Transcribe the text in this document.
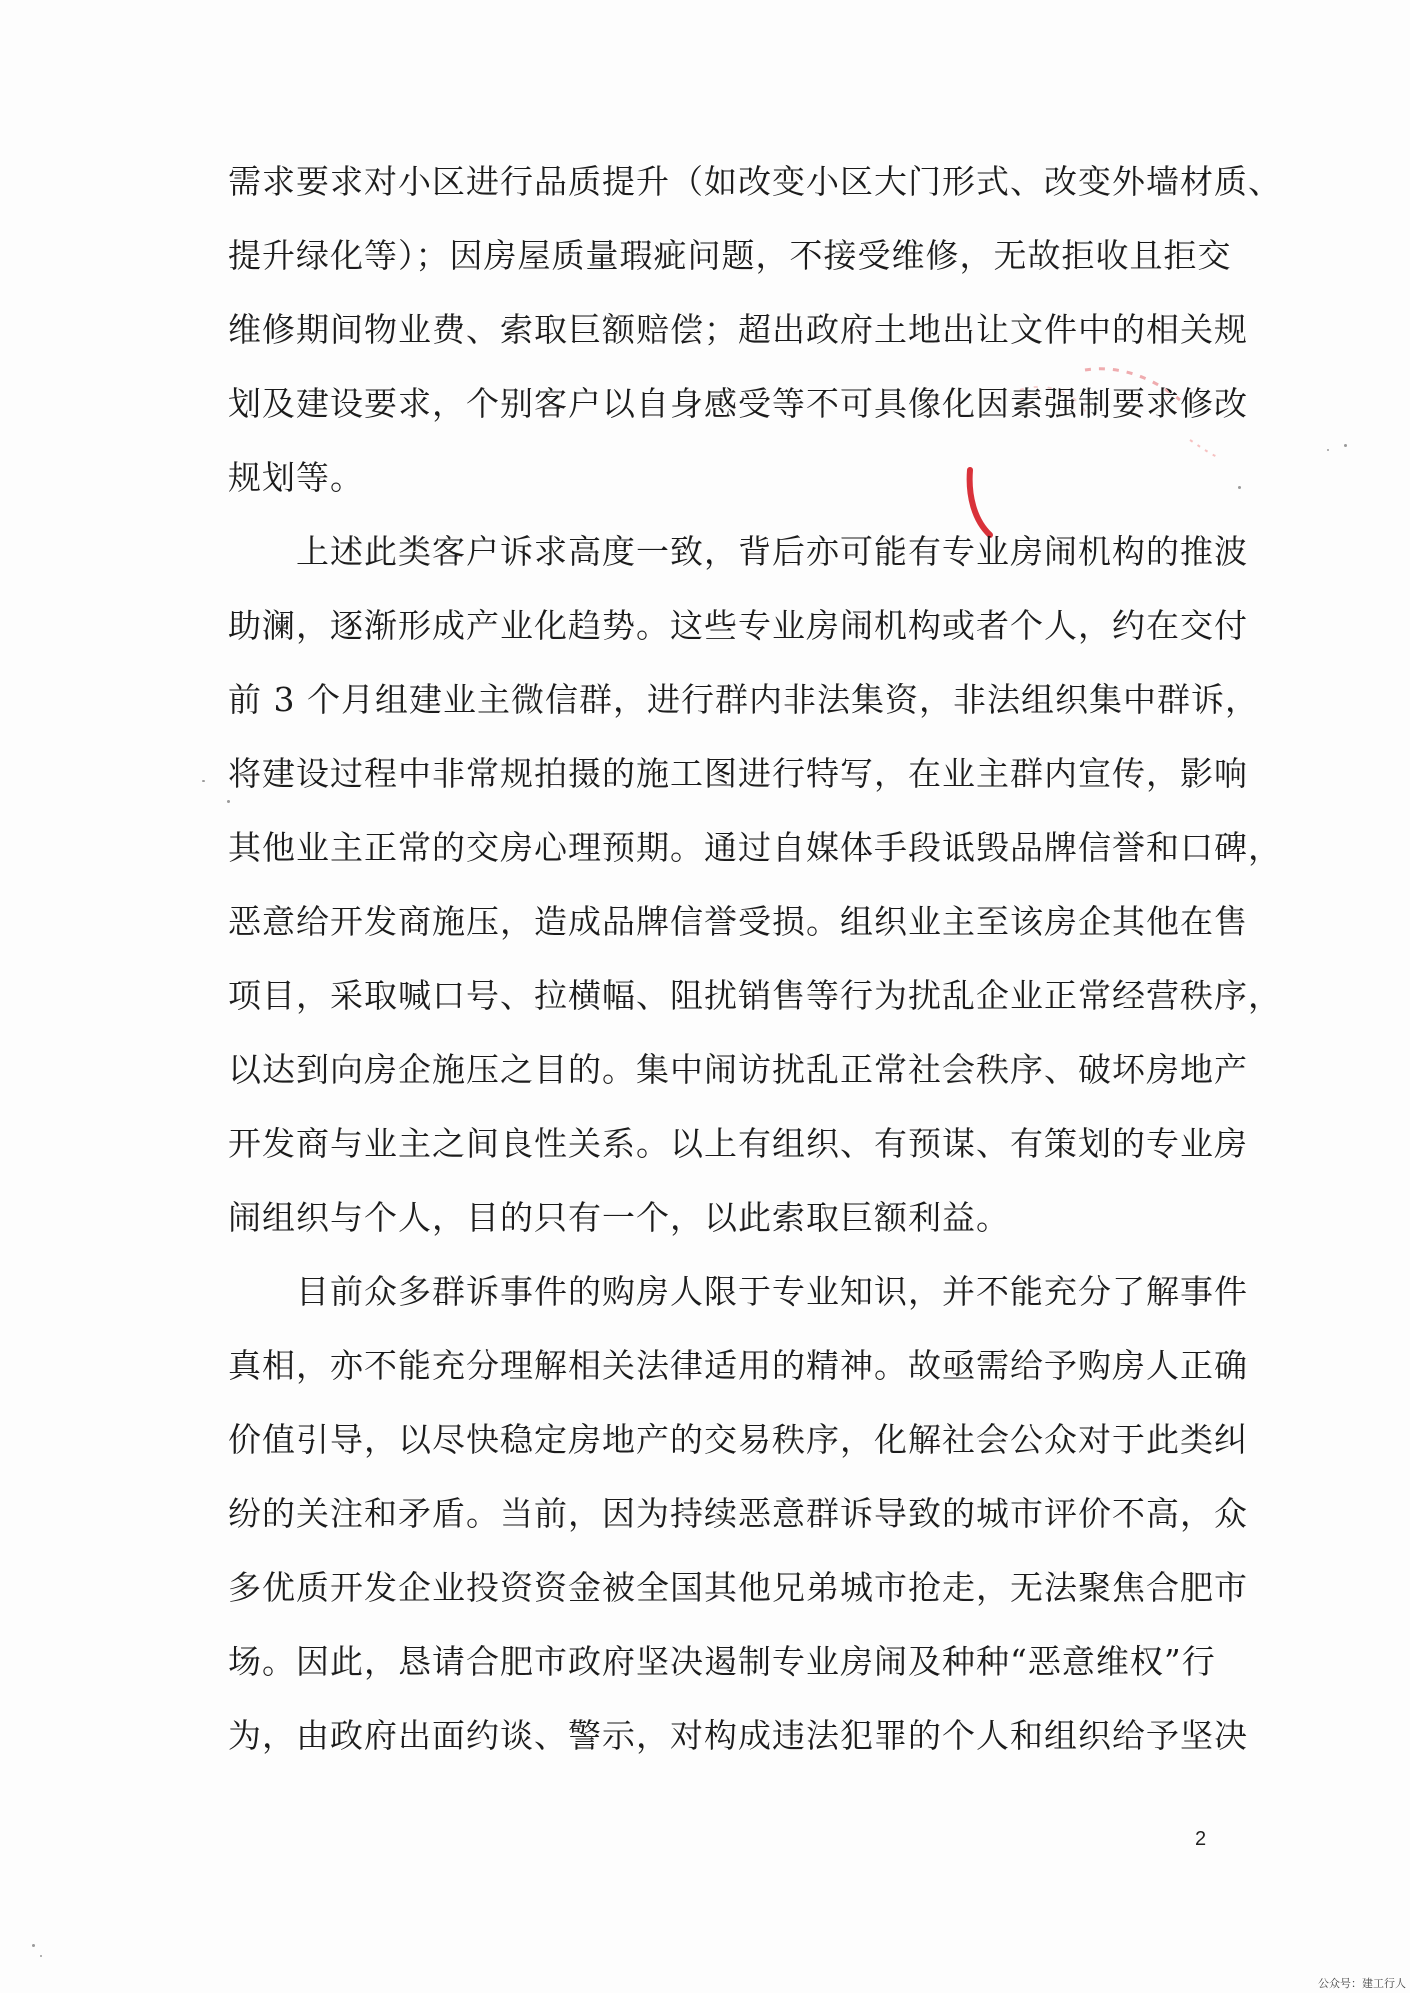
需求要求对小区进行品质提升（如改变小区大门形式、改变外墙材质、
提升绿化等）；因房屋质量瑕疵问题，不接受维修，无故拒收且拒交
维修期间物业费、索取巨额赔偿；超出政府土地出让文件中的相关规
划及建设要求，个别客户以自身感受等不可具像化因素强制要求修改
规划等。
上述此类客户诉求高度一致，背后亦可能有专业房闹机构的推波
助澜，逐渐形成产业化趋势。这些专业房闹机构或者个人，约在交付
前 3 个月组建业主微信群，进行群内非法集资，非法组织集中群诉，
将建设过程中非常规拍摄的施工图进行特写，在业主群内宣传，影响
其他业主正常的交房心理预期。通过自媒体手段诋毁品牌信誉和口碑，
恶意给开发商施压，造成品牌信誉受损。组织业主至该房企其他在售
项目，采取喊口号、拉横幅、阻扰销售等行为扰乱企业正常经营秩序，
以达到向房企施压之目的。集中闹访扰乱正常社会秩序、破坏房地产
开发商与业主之间良性关系。以上有组织、有预谋、有策划的专业房
闹组织与个人，目的只有一个，以此索取巨额利益。
目前众多群诉事件的购房人限于专业知识，并不能充分了解事件
真相，亦不能充分理解相关法律适用的精神。故亟需给予购房人正确
价值引导，以尽快稳定房地产的交易秩序，化解社会公众对于此类纠
纷的关注和矛盾。当前，因为持续恶意群诉导致的城市评价不高，众
多优质开发企业投资资金被全国其他兄弟城市抢走，无法聚焦合肥市
场。因此，恳请合肥市政府坚决遏制专业房闹及种种“恶意维权”行
为，由政府出面约谈、警示，对构成违法犯罪的个人和组织给予坚决
2
公众号：建工行人
